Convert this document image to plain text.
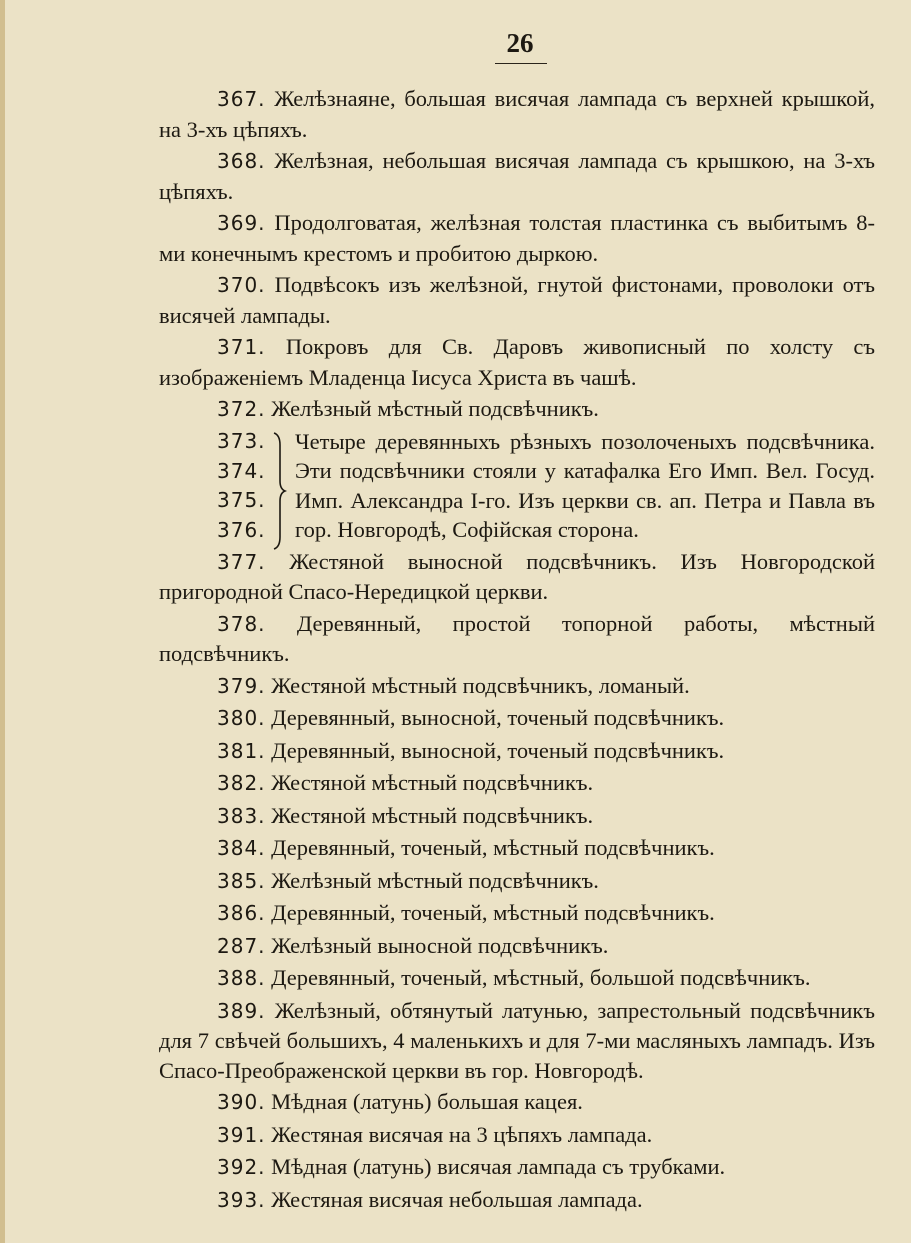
26

367. Желѣзнаяне, большая висячая лампада съ верхней крышкой, на 3-хъ цѣпяхъ.

368. Желѣзная, небольшая висячая лампада съ крышкою, на 3-хъ цѣпяхъ.

369. Продолговатая, желѣзная толстая пластинка съ выбитымъ 8-ми конечнымъ крестомъ и пробитою дыркою.

370. Подвѣсокъ изъ желѣзной, гнутой фистонами, проволоки отъ висячей лампады.

371. Покровъ для Св. Даровъ живописный по холсту съ изображеніемъ Младенца Іисуса Христа въ чашѣ.

372. Желѣзный мѣстный подсвѣчникъ.

373.
374.
375.
376.
Четыре деревянныхъ рѣзныхъ позолоченыхъ подсвѣчника. Эти подсвѣчники стояли у катафалка Его Имп. Вел. Госуд. Имп. Александра I-го. Изъ церкви св. ап. Петра и Павла въ гор. Новгородѣ, Софійская сторона.

377. Жестяной выносной подсвѣчникъ. Изъ Новгородской пригородной Спасо-Нередицкой церкви.

378. Деревянный, простой топорной работы, мѣстный подсвѣчникъ.

379. Жестяной мѣстный подсвѣчникъ, ломаный.

380. Деревянный, выносной, точеный подсвѣчникъ.

381. Деревянный, выносной, точеный подсвѣчникъ.

382. Жестяной мѣстный подсвѣчникъ.

383. Жестяной мѣстный подсвѣчникъ.

384. Деревянный, точеный, мѣстный подсвѣчникъ.

385. Желѣзный мѣстный подсвѣчникъ.

386. Деревянный, точеный, мѣстный подсвѣчникъ.

287. Желѣзный выносной подсвѣчникъ.

388. Деревянный, точеный, мѣстный, большой подсвѣчникъ.

389. Желѣзный, обтянутый латунью, запрестольный подсвѣчникъ для 7 свѣчей большихъ, 4 маленькихъ и для 7-ми масляныхъ лампадъ. Изъ Спасо-Преображенской церкви въ гор. Новгородѣ.

390. Мѣдная (латунь) большая кацея.

391. Жестяная висячая на 3 цѣпяхъ лампада.

392. Мѣдная (латунь) висячая лампада съ трубками.

393. Жестяная висячая небольшая лампада.
